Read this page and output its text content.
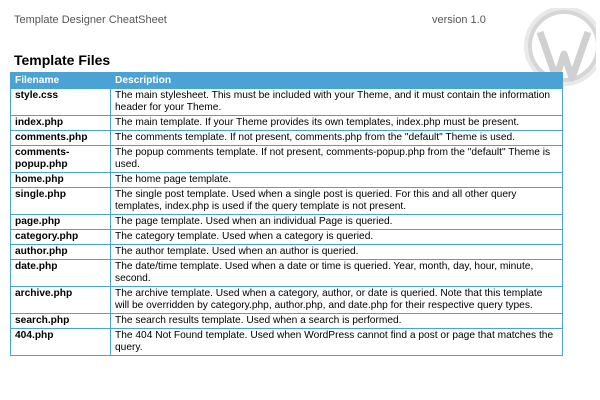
Template Designer CheatSheet	version 1.0
Template Files
Filename	Description
style.css	The main stylesheet. This must be included with your Theme, and it must contain the information header for your Theme.
index.php	The main template. If your Theme provides its own templates, index.php must be present.
comments.php	The comments template. If not present, comments.php from the "default" Theme is used.
comments-popup.php	The popup comments template. If not present, comments-popup.php from the "default" Theme is used.
home.php	The home page template.
single.php	The single post template. Used when a single post is queried. For this and all other query templates, index.php is used if the query template is not present.
page.php	The page template. Used when an individual Page is queried.
category.php	The category template. Used when a category is queried.
author.php	The author template. Used when an author is queried.
date.php	The date/time template. Used when a date or time is queried. Year, month, day, hour, minute, second.
archive.php	The archive template. Used when a category, author, or date is queried. Note that this template will be overridden by category.php, author.php, and date.php for their respective query types.
search.php	The search results template. Used when a search is performed.
404.php	The 404 Not Found template. Used when WordPress cannot find a post or page that matches the query.
